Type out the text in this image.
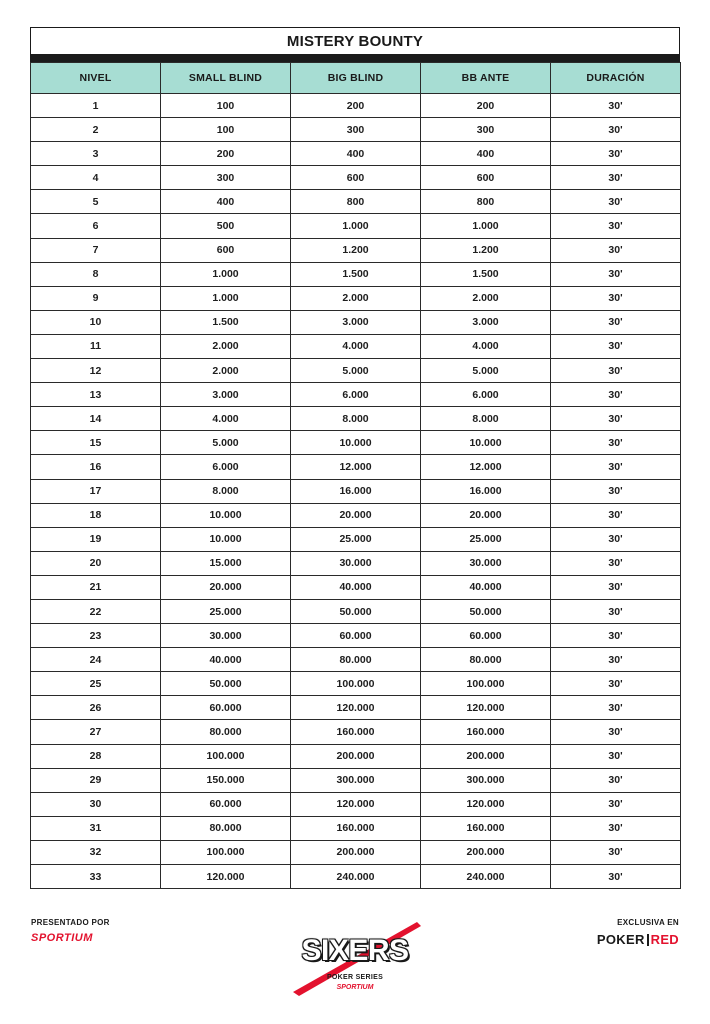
MISTERY BOUNTY
NIVEL	SMALL BLIND	BIG BLIND	BB ANTE	DURACIÓN
1	100	200	200	30'
2	100	300	300	30'
3	200	400	400	30'
4	300	600	600	30'
5	400	800	800	30'
6	500	1.000	1.000	30'
7	600	1.200	1.200	30'
8	1.000	1.500	1.500	30'
9	1.000	2.000	2.000	30'
10	1.500	3.000	3.000	30'
11	2.000	4.000	4.000	30'
12	2.000	5.000	5.000	30'
13	3.000	6.000	6.000	30'
14	4.000	8.000	8.000	30'
15	5.000	10.000	10.000	30'
16	6.000	12.000	12.000	30'
17	8.000	16.000	16.000	30'
18	10.000	20.000	20.000	30'
19	10.000	25.000	25.000	30'
20	15.000	30.000	30.000	30'
21	20.000	40.000	40.000	30'
22	25.000	50.000	50.000	30'
23	30.000	60.000	60.000	30'
24	40.000	80.000	80.000	30'
25	50.000	100.000	100.000	30'
26	60.000	120.000	120.000	30'
27	80.000	160.000	160.000	30'
28	100.000	200.000	200.000	30'
29	150.000	300.000	300.000	30'
30	60.000	120.000	120.000	30'
31	80.000	160.000	160.000	30'
32	100.000	200.000	200.000	30'
33	120.000	240.000	240.000	30'
PRESENTADO POR
SPORTIUM	SIXERS
POKER SERIES
SPORTIUM
EXCLUSIVA EN
POKER RED
